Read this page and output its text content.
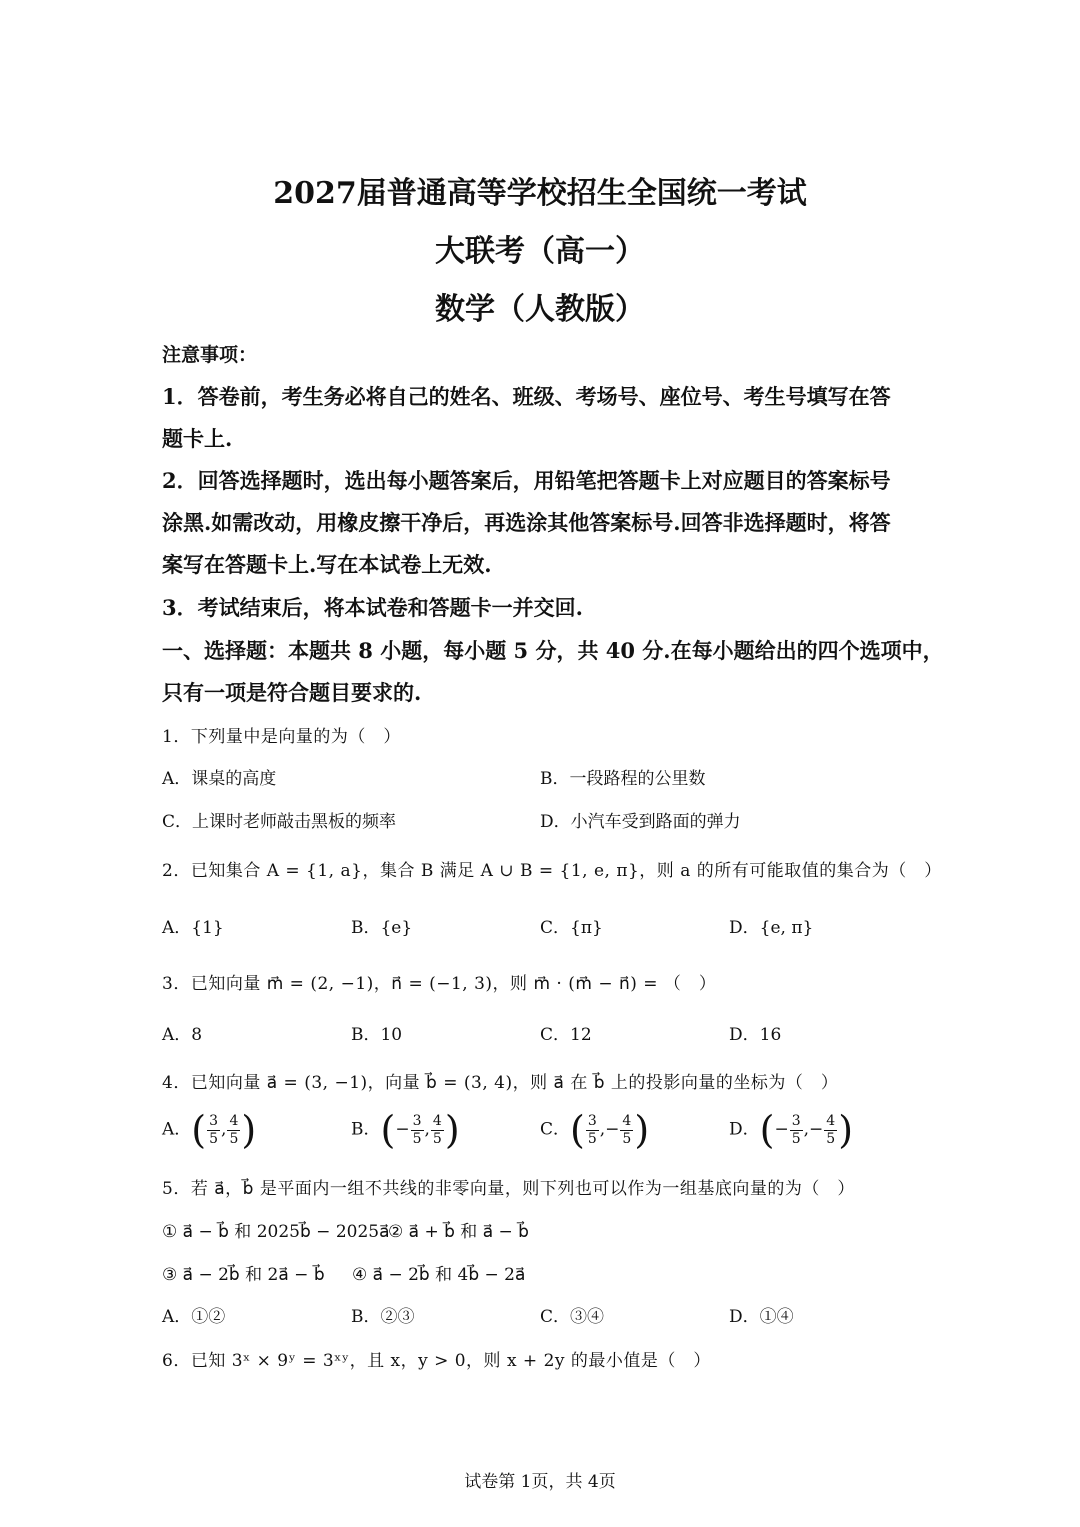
2027届普通高等学校招生全国统一考试
大联考（高一）
数学（人教版）
注意事项：
1．答卷前，考生务必将自己的姓名、班级、考场号、座位号、考生号填写在答
题卡上.
2．回答选择题时，选出每小题答案后，用铅笔把答题卡上对应题目的答案标号
涂黑.如需改动，用橡皮擦干净后，再选涂其他答案标号.回答非选择题时，将答
案写在答题卡上.写在本试卷上无效.
3．考试结束后，将本试卷和答题卡一并交回.
一、选择题：本题共 8 小题，每小题 5 分，共 40 分.在每小题给出的四个选项中，
只有一项是符合题目要求的.
1．下列量中是向量的为（　）
A．课桌的高度	B．一段路程的公里数
C．上课时老师敲击黑板的频率	D．小汽车受到路面的弹力
2．已知集合 A = {1, a}，集合 B 满足 A ∪ B = {1, e, π}，则 a 的所有可能取值的集合为（　）
A．{1}	B．{e}	C．{π}	D．{e, π}
3．已知向量 m⃗ = (2, −1)，n⃗ = (−1, 3)，则 m⃗ · (m⃗ − n⃗) = （　）
A．8	B．10	C．12	D．16
4．已知向量 a⃗ = (3, −1)，向量 b⃗ = (3, 4)，则 a⃗ 在 b⃗ 上的投影向量的坐标为（　）
A．( $\frac{3}{5}$ , $\frac{4}{5}$ )	B．(− $\frac{3}{5}$ , $\frac{4}{5}$ )	C．( $\frac{3}{5}$ ,− $\frac{4}{5}$ )	D．(− $\frac{3}{5}$ ,− $\frac{4}{5}$ )
5．若 a⃗，b⃗ 是平面内一组不共线的非零向量，则下列也可以作为一组基底向量的为（　）
① a⃗ − b⃗ 和 2025b⃗ − 2025a⃗
② a⃗ + b⃗ 和 a⃗ − b⃗
③ a⃗ − 2b⃗ 和 2a⃗ − b⃗ ④ a⃗ − 2b⃗ 和 4b⃗ − 2a⃗
A．①②	B．②③	C．③④	D．①④
6．已知 3ˣ × 9ʸ = 3ˣʸ，且 x，y > 0，则 x + 2y 的最小值是（　）
试卷第 1页，共 4页
